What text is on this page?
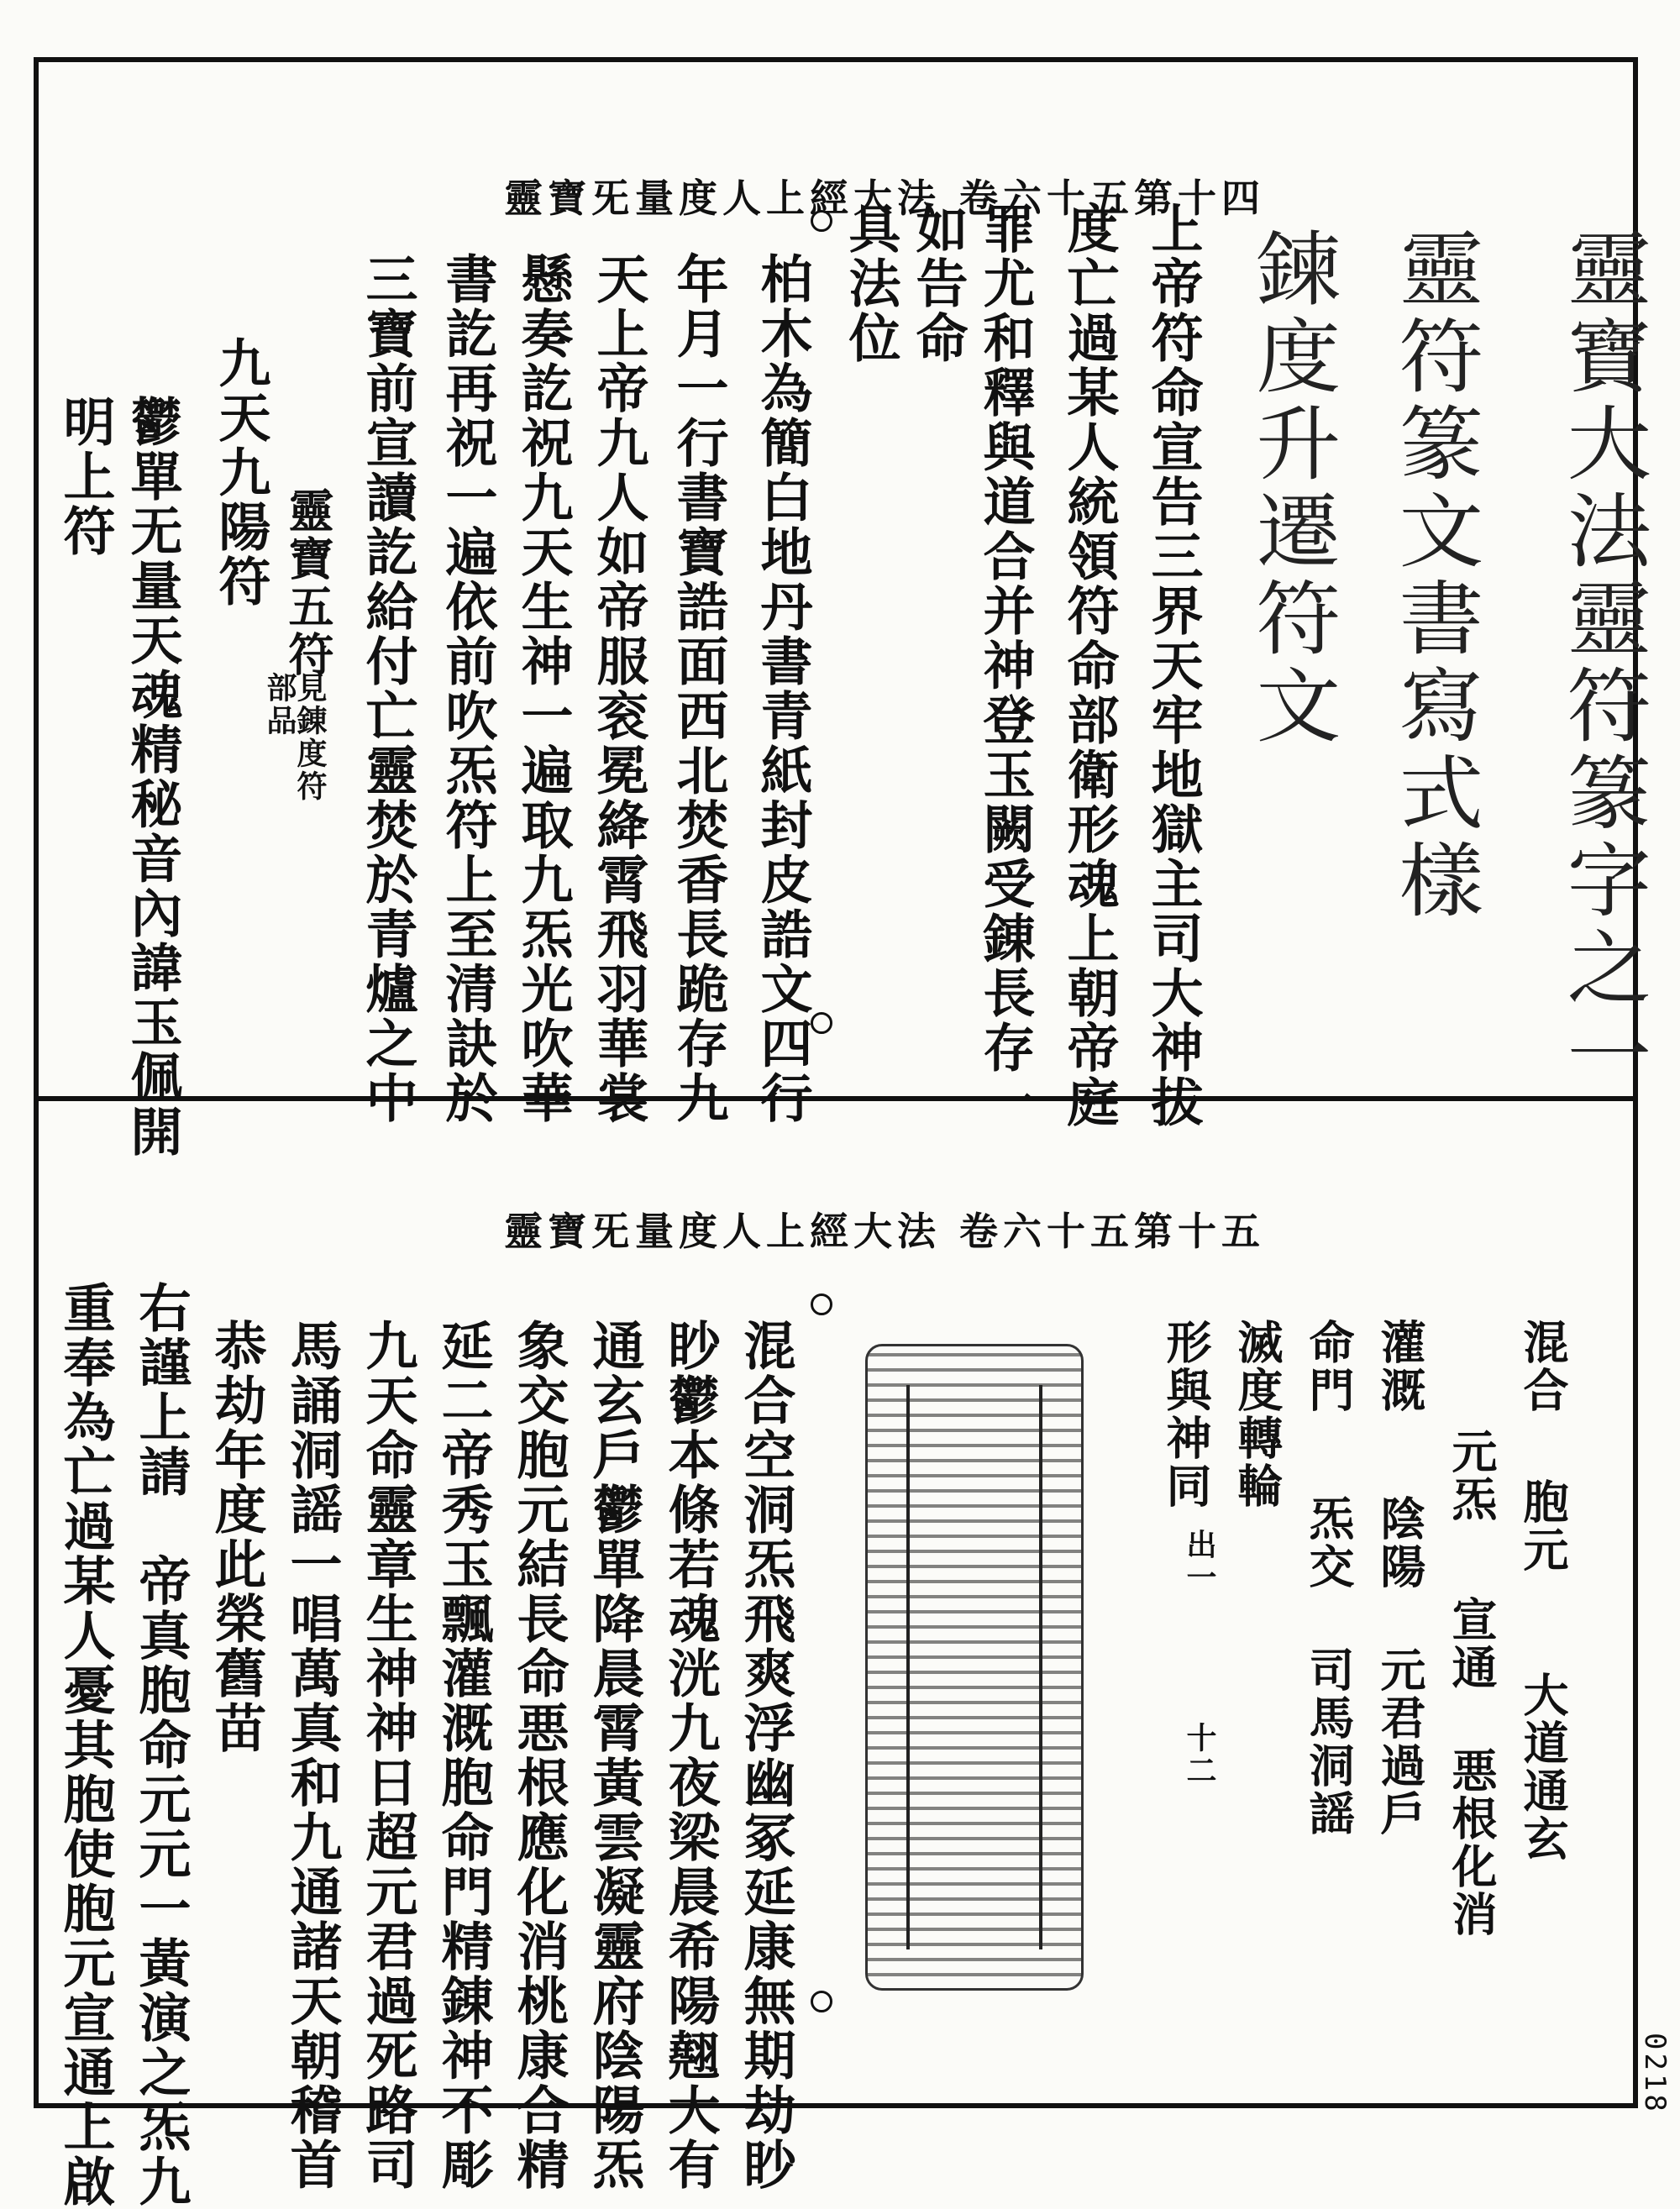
靈寶旡量度人上經大法 卷六十五第十四
靈寶大法靈符篆字之一
靈符篆文書寫式樣
鍊度升遷符文
上帝符命宣告三界天牢地獄主司大神拔
度亡過某人統領符命部衛形魂上朝帝庭
罪尤和釋與道合并神登玉闕受錬長存一
如告命
具法位
柏木為簡白地丹書青紙封皮誥文四行
年月一行書寶誥面西北焚香長跪存九
天上帝九人如帝服衮冕絳霄飛羽華裳
懸奏訖祝九天生神一遍取九炁光吹華
書訖再祝一遍依前吹炁符上至清訣於
三寶前宣讀訖給付亡靈焚於青爐之中
靈寶五符
見錬度符部品
九天九陽符
鬱單无量天魂精秘音內諱玉佩開
明上符
靈寶旡量度人上經大法 卷六十五第十五
混合
胞元
大道通玄
元炁
宣通
悪根化消
灌溉
陰陽
元君過戶
命門
炁交
司馬洞謡
滅度轉輪
形與神同
出一
十二
混合空洞炁飛爽浮幽冢延康無期劫眇
眇鬱本條若魂洸九夜梁晨希陽翹大有
通玄戶鬱單降晨霄黃雲凝靈府陰陽炁
象交胞元結長命悪根應化消桃康合精
延二帝秀玉飄灌溉胞命門精錬神不彫
九天命靈章生神神日超元君過死路司
馬誦洞謡一唱萬真和九通諸天朝稽首
恭劫年度此榮舊苗
右謹上請　帝真胞命元元一黃演之炁九
重奉為亡過某人憂其胞使胞元宣通上啟	0218
